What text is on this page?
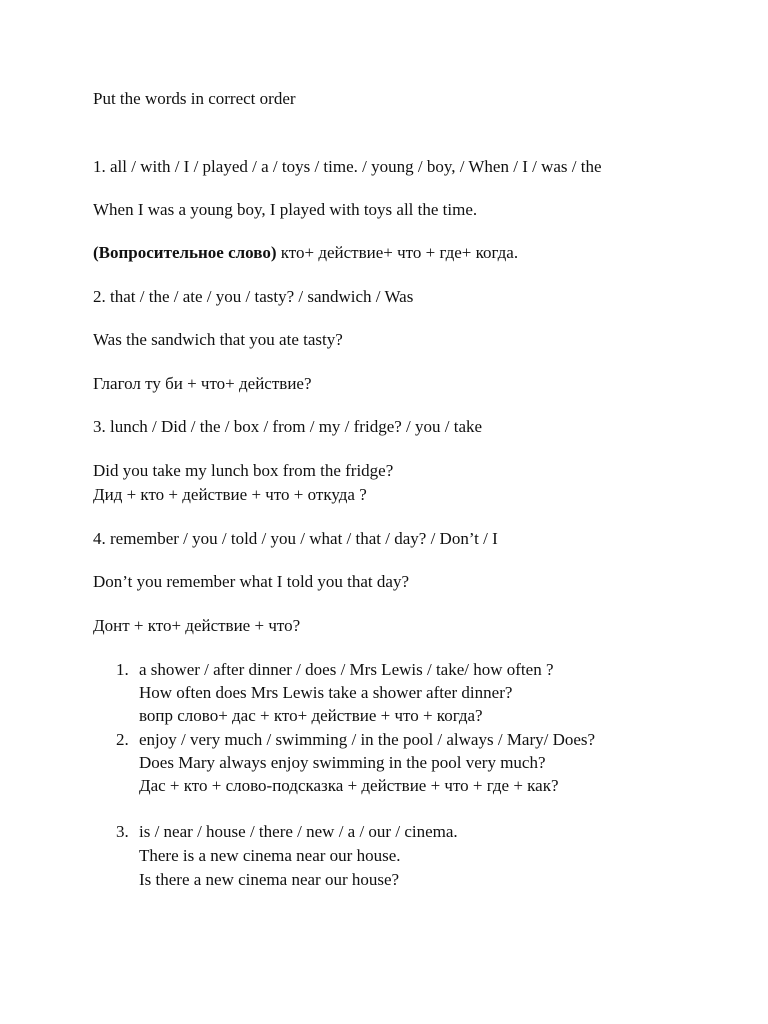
Put the words in correct order
1. all / with / I / played / a / toys / time. / young / boy, / When / I / was / the
When I was a young boy, I played with toys all the time.
(Вопросительное слово) кто+ действие+ что + где+ когда.
2. that / the / ate / you / tasty? / sandwich / Was
Was the sandwich that you ate tasty?
Глагол ту би + что+ действие?
3. lunch / Did / the / box / from / my / fridge? / you / take
Did you take my lunch box from the fridge?
Дид + кто + действие + что + откуда ?
4. remember / you / told / you / what / that / day? / Don’t / I
Don’t you remember what I told you that day?
Донт + кто+ действие + что?
1. a shower / after dinner / does / Mrs Lewis / take/ how often ?
How often does Mrs Lewis take a shower after dinner?
вопр слово+ дас + кто+ действие + что + когда?
2. enjoy / very much / swimming / in the pool / always / Mary/ Does?
Does Mary always enjoy swimming in the pool very much?
Дас + кто + слово-подсказка + действие + что + где + как?
3. is / near / house / there / new / a / our / cinema.
There is a new cinema near our house.
Is there a new cinema near our house?
